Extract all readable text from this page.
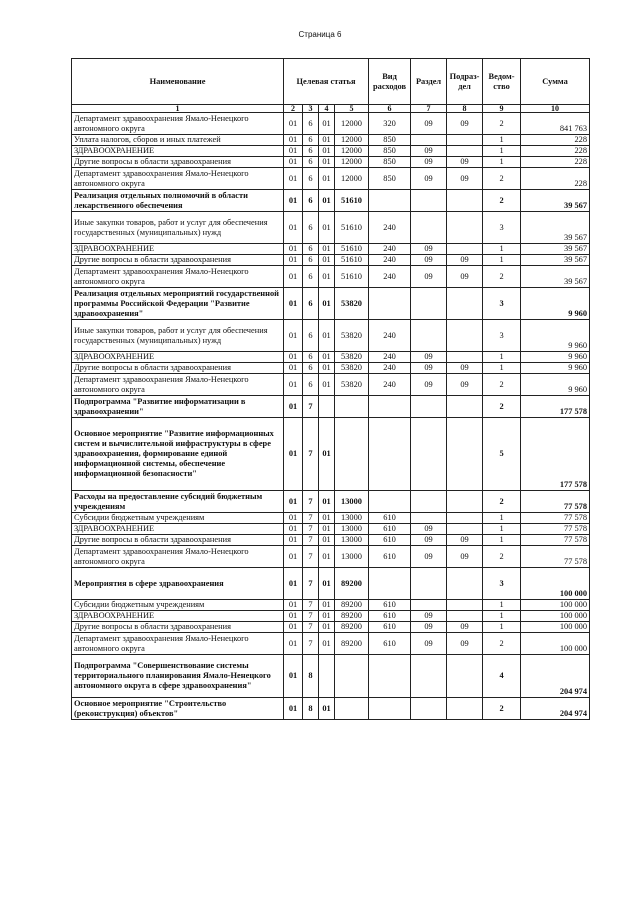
Страница 6
Наименование	Целевая статья				Вид расходов	Раздел	Подраз-дел	Ведом-ство	Сумма
1	2	3	4	5	6	7	8	9	10
Департамент здравоохранения Ямало-Ненецкого автономного округа	01	6	01	12000	320	09	09	2	841 763
Уплата налогов, сборов и иных платежей	01	6	01	12000	850			1	228
ЗДРАВООХРАНЕНИЕ	01	6	01	12000	850	09		1	228
Другие вопросы в области здравоохранения	01	6	01	12000	850	09	09	1	228
Департамент здравоохранения Ямало-Ненецкого автономного округа	01	6	01	12000	850	09	09	2	228
Реализация отдельных полномочий в области лекарственного обеспечения	01	6	01	51610				2	39 567
Иные закупки товаров, работ и услуг для обеспечения государственных (муниципальных) нужд	01	6	01	51610	240			3	39 567
ЗДРАВООХРАНЕНИЕ	01	6	01	51610	240	09		1	39 567
Другие вопросы в области здравоохранения	01	6	01	51610	240	09	09	1	39 567
Департамент здравоохранения Ямало-Ненецкого автономного округа	01	6	01	51610	240	09	09	2	39 567
Реализация отдельных мероприятий государственной программы Российской Федерации "Развитие здравоохранения"	01	6	01	53820				3	9 960
Иные закупки товаров, работ и услуг для обеспечения государственных (муниципальных) нужд	01	6	01	53820	240			3	9 960
ЗДРАВООХРАНЕНИЕ	01	6	01	53820	240	09		1	9 960
Другие вопросы в области здравоохранения	01	6	01	53820	240	09	09	1	9 960
Департамент здравоохранения Ямало-Ненецкого автономного округа	01	6	01	53820	240	09	09	2	9 960
Подпрограмма "Развитие информатизации в здравоохранении"	01	7						2	177 578
Основное мероприятие "Развитие информационных систем и вычислительной инфраструктуры в сфере здравоохранения, формирование единой информационной системы, обеспечение информационной безопасности"	01	7	01					5	177 578
Расходы на предоставление субсидий бюджетным учреждениям	01	7	01	13000				2	77 578
Субсидии бюджетным учреждениям	01	7	01	13000	610			1	77 578
ЗДРАВООХРАНЕНИЕ	01	7	01	13000	610	09		1	77 578
Другие вопросы в области здравоохранения	01	7	01	13000	610	09	09	1	77 578
Департамент здравоохранения Ямало-Ненецкого автономного округа	01	7	01	13000	610	09	09	2	77 578
Мероприятия в сфере здравоохранения	01	7	01	89200				3	100 000
Субсидии бюджетным учреждениям	01	7	01	89200	610			1	100 000
ЗДРАВООХРАНЕНИЕ	01	7	01	89200	610	09		1	100 000
Другие вопросы в области здравоохранения	01	7	01	89200	610	09	09	1	100 000
Департамент здравоохранения Ямало-Ненецкого автономного округа	01	7	01	89200	610	09	09	2	100 000
Подпрограмма "Совершенствование системы территориального планирования Ямало-Ненецкого автономного округа в сфере здравоохранения"	01	8						4	204 974
Основное мероприятие "Строительство (реконструкция) объектов"	01	8	01					2	204 974
